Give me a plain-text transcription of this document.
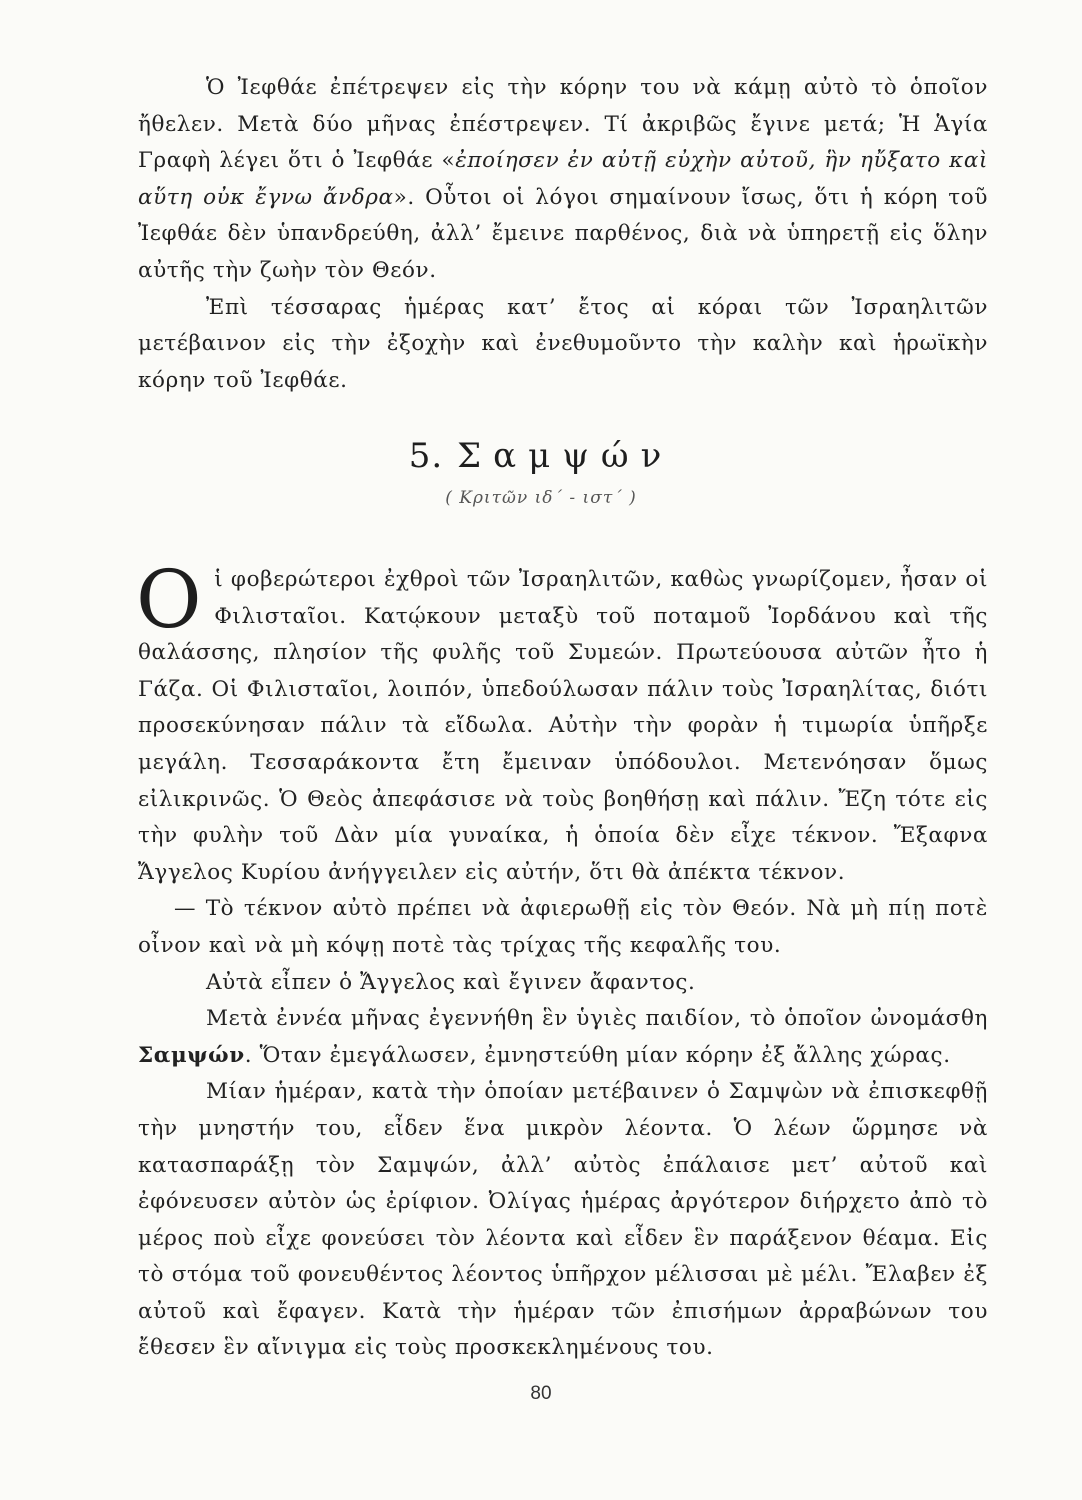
Ὁ Ἰεφθάε ἐπέτρεψεν εἰς τὴν κόρην του νὰ κάμῃ αὐτὸ τὸ ὁποῖον ἤθελεν. Μετὰ δύο μῆνας ἐπέστρεψεν. Τί ἀκριβῶς ἔγινε μετά; Ἡ Ἁγία Γραφὴ λέγει ὅτι ὁ Ἰεφθάε «ἐποίησεν ἐν αὐτῇ εὐχὴν αὐτοῦ, ἣν ηὔξατο καὶ αὕτη οὐκ ἔγνω ἄνδρα». Οὗτοι οἱ λόγοι σημαίνουν ἴσως, ὅτι ἡ κόρη τοῦ Ἰεφθάε δὲν ὑπανδρεύθη, ἀλλ’ ἔμεινε παρθένος, διὰ νὰ ὑπηρετῇ εἰς ὅλην αὐτῆς τὴν ζωὴν τὸν Θεόν.

Ἐπὶ τέσσαρας ἡμέρας κατ’ ἔτος αἱ κόραι τῶν Ἰσραηλιτῶν μετέβαινον εἰς τὴν ἐξοχὴν καὶ ἐνεθυμοῦντο τὴν καλὴν καὶ ἡρωϊκὴν κόρην τοῦ Ἰεφθάε.

5. Σαμψών
( Κριτῶν ιδ΄ - ιστ΄ )

Οἱ φοβερώτεροι ἐχθροὶ τῶν Ἰσραηλιτῶν, καθὼς γνωρίζομεν, ἦσαν οἱ Φιλισταῖοι. Κατῴκουν μεταξὺ τοῦ ποταμοῦ Ἰορδάνου καὶ τῆς θαλάσσης, πλησίον τῆς φυλῆς τοῦ Συμεών. Πρωτεύουσα αὐτῶν ἦτο ἡ Γάζα. Οἱ Φιλισταῖοι, λοιπόν, ὑπεδούλωσαν πάλιν τοὺς Ἰσραηλίτας, διότι προσεκύνησαν πάλιν τὰ εἴδωλα. Αὐτὴν τὴν φορὰν ἡ τιμωρία ὑπῆρξε μεγάλη. Τεσσαράκοντα ἔτη ἔμειναν ὑπόδουλοι. Μετενόησαν ὅμως εἰλικρινῶς. Ὁ Θεὸς ἀπεφάσισε νὰ τοὺς βοηθήσῃ καὶ πάλιν. Ἔζη τότε εἰς τὴν φυλὴν τοῦ Δὰν μία γυναίκα, ἡ ὁποία δὲν εἶχε τέκνον. Ἔξαφνα Ἄγγελος Κυρίου ἀνήγγειλεν εἰς αὐτήν, ὅτι θὰ ἀπέκτα τέκνον.

— Τὸ τέκνον αὐτὸ πρέπει νὰ ἀφιερωθῇ εἰς τὸν Θεόν. Νὰ μὴ πίῃ ποτὲ οἶνον καὶ νὰ μὴ κόψῃ ποτὲ τὰς τρίχας τῆς κεφαλῆς του.

Αὐτὰ εἶπεν ὁ Ἄγγελος καὶ ἔγινεν ἄφαντος.

Μετὰ ἐννέα μῆνας ἐγεννήθη ἓν ὑγιὲς παιδίον, τὸ ὁποῖον ὠνομάσθη Σαμψών. Ὅταν ἐμεγάλωσεν, ἐμνηστεύθη μίαν κόρην ἐξ ἄλλης χώρας.

Μίαν ἡμέραν, κατὰ τὴν ὁποίαν μετέβαινεν ὁ Σαμψὼν νὰ ἐπισκεφθῇ τὴν μνηστήν του, εἶδεν ἕνα μικρὸν λέοντα. Ὁ λέων ὥρμησε νὰ κατασπαράξῃ τὸν Σαμψών, ἀλλ’ αὐτὸς ἐπάλαισε μετ’ αὐτοῦ καὶ ἐφόνευσεν αὐτὸν ὡς ἐρίφιον. Ὀλίγας ἡμέρας ἀργότερον διήρχετο ἀπὸ τὸ μέρος ποὺ εἶχε φονεύσει τὸν λέοντα καὶ εἶδεν ἓν παράξενον θέαμα. Εἰς τὸ στόμα τοῦ φονευθέντος λέοντος ὑπῆρχον μέλισσαι μὲ μέλι. Ἔλαβεν ἐξ αὐτοῦ καὶ ἔφαγεν. Κατὰ τὴν ἡμέραν τῶν ἐπισήμων ἀρραβώνων του ἔθεσεν ἓν αἴνιγμα εἰς τοὺς προσκεκλημένους του.

80
